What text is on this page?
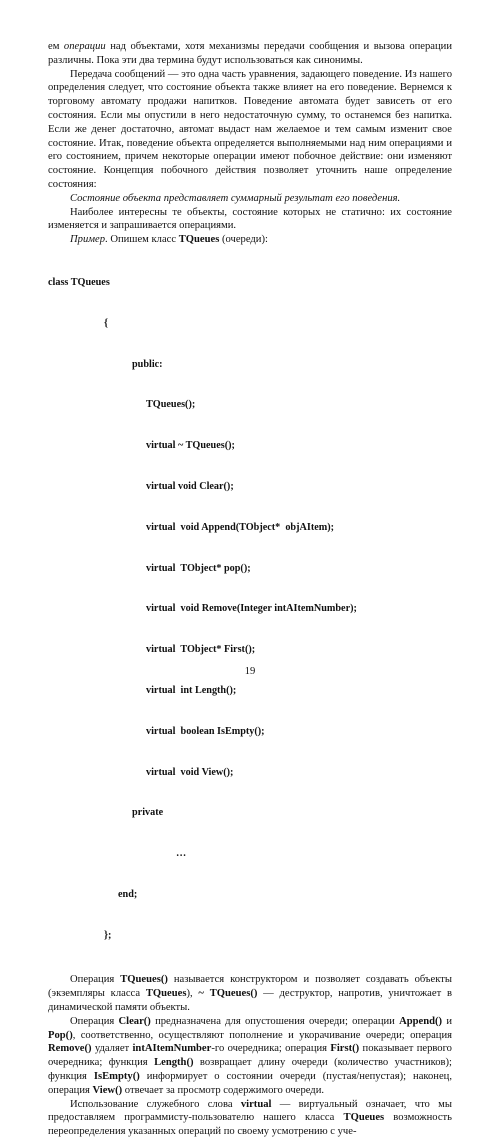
ем операции над объектами, хотя механизмы передачи сообщения и вызова операции различны. Пока эти два термина будут использоваться как синонимы.

Передача сообщений — это одна часть уравнения, задающего поведение. Из нашего определения следует, что состояние объекта также влияет на его поведение. Вернемся к торговому автомату продажи напитков. Поведение автомата будет зависеть от его состояния. Если мы опустили в него недостаточную сумму, то останемся без напитка. Если же денег достаточно, автомат выдаст нам желаемое и тем самым изменит свое состояние. Итак, поведение объекта определяется выполняемыми над ним операциями и его состоянием, причем некоторые операции имеют побочное действие: они изменяют состояние. Концепция побочного действия позволяет уточнить наше определение состояния:

Состояние объекта представляет суммарный результат его поведения.

Наиболее интересны те объекты, состояние которых не статично: их состояние изменяется и запрашивается операциями.

Пример. Опишем класс TQueues (очереди):

class TQueues

{

public:

TQueues();

virtual ~ TQueues();

virtual void Clear();

virtual  void Append(TObject*  objAItem);

virtual  TObject* pop();

virtual  void Remove(Integer intAItemNumber);

virtual  TObject* First();

virtual  int Length();

virtual  boolean IsEmpty();

virtual  void View();

private

…

end;

};

Операция TQueues() называется конструктором и позволяет создавать объекты (экземпляры класса TQueues), ~ TQueues() — деструктор, напротив, уничтожает в динамической памяти объекты.

Операция Clear() предназначена для опустошения очереди; операции Append() и Pop(), соответственно, осуществляют пополнение и укорачивание очереди; операция Remove() удаляет intAItemNumber-го очередника; операция First() показывает первого очередника; функция Length() возвращает длину очереди (количество участников); функция IsEmpty() информирует о состоянии очереди (пустая/непустая); наконец, операция View() отвечает за просмотр содержимого очереди.

Использование служебного слова virtual — виртуальный означает, что мы предоставляем программисту-пользователю нашего класса TQueues возможность переопределения указанных операций по своему усмотрению с уче-

19
